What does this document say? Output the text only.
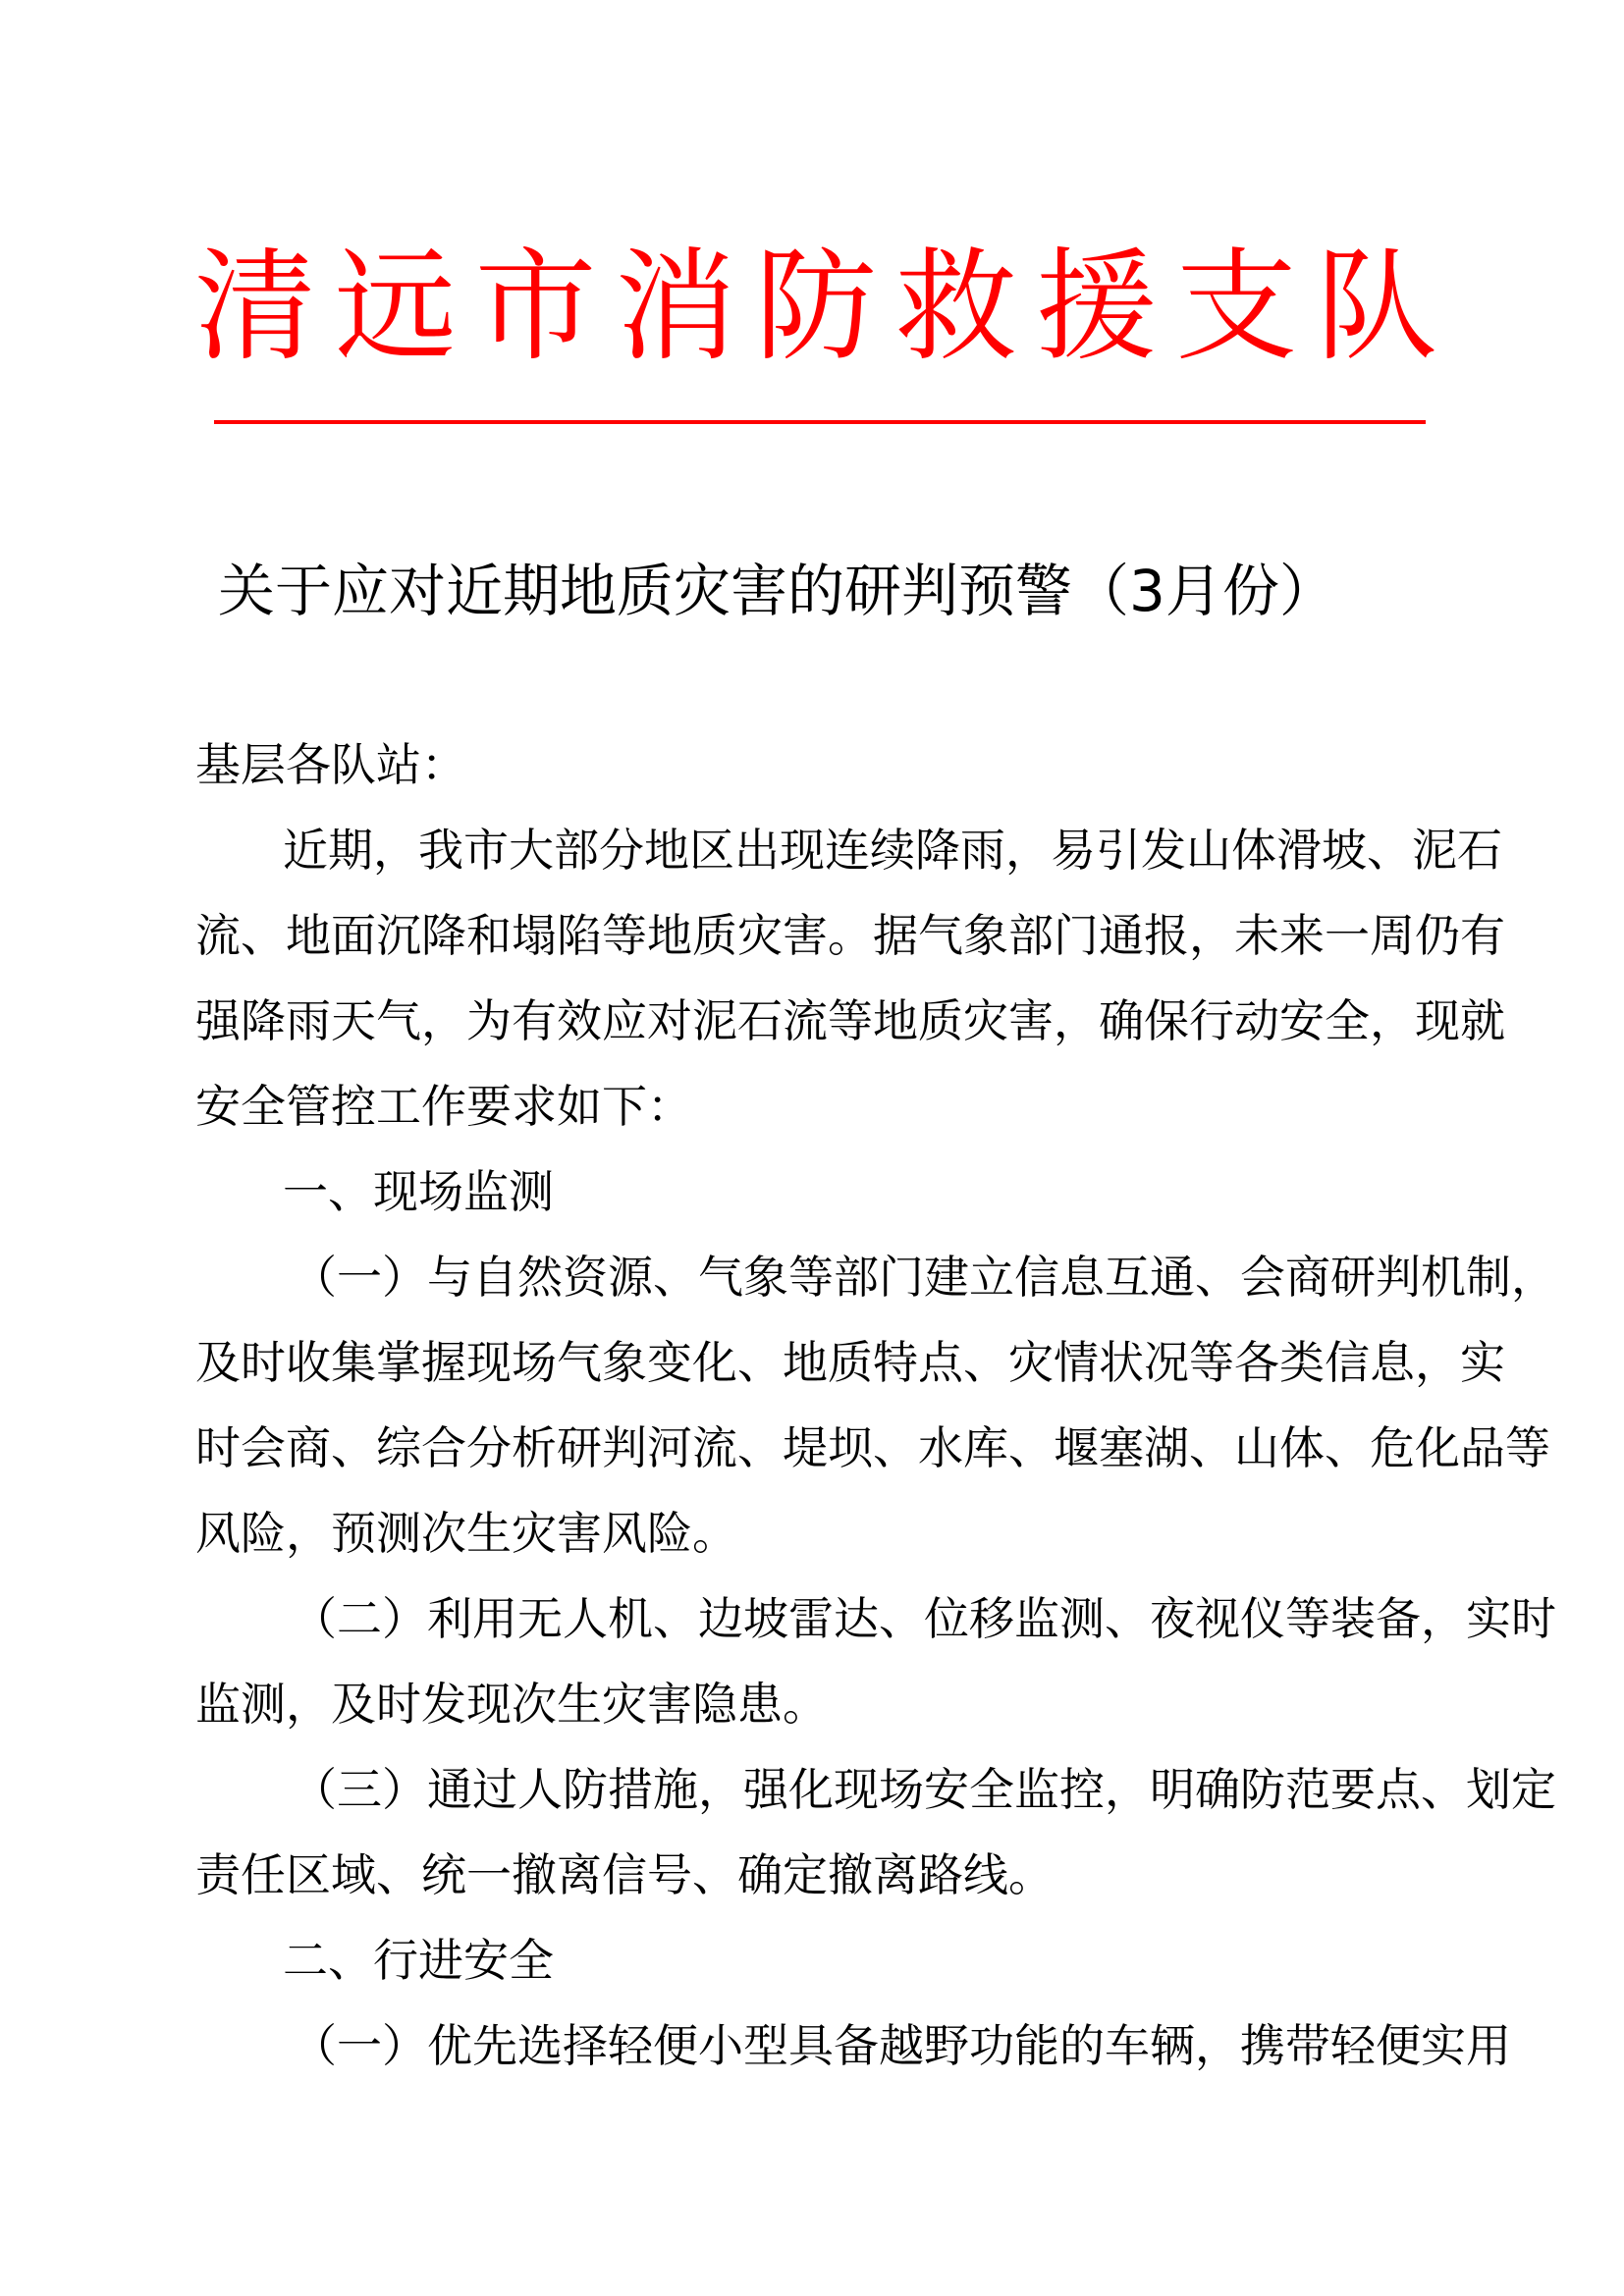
清远市消防救援支队
关于应对近期地质灾害的研判预警（3月份）
基层各队站：
近期，我市大部分地区出现连续降雨，易引发山体滑坡、泥石
流、地面沉降和塌陷等地质灾害。据气象部门通报，未来一周仍有
强降雨天气，为有效应对泥石流等地质灾害，确保行动安全，现就
安全管控工作要求如下：
一、现场监测
（一）与自然资源、气象等部门建立信息互通、会商研判机制，
及时收集掌握现场气象变化、地质特点、灾情状况等各类信息，实
时会商、综合分析研判河流、堤坝、水库、堰塞湖、山体、危化品等
风险，预测次生灾害风险。
（二）利用无人机、边坡雷达、位移监测、夜视仪等装备，实时
监测，及时发现次生灾害隐患。
（三）通过人防措施，强化现场安全监控，明确防范要点、划定
责任区域、统一撤离信号、确定撤离路线。
二、行进安全
（一）优先选择轻便小型具备越野功能的车辆，携带轻便实用
